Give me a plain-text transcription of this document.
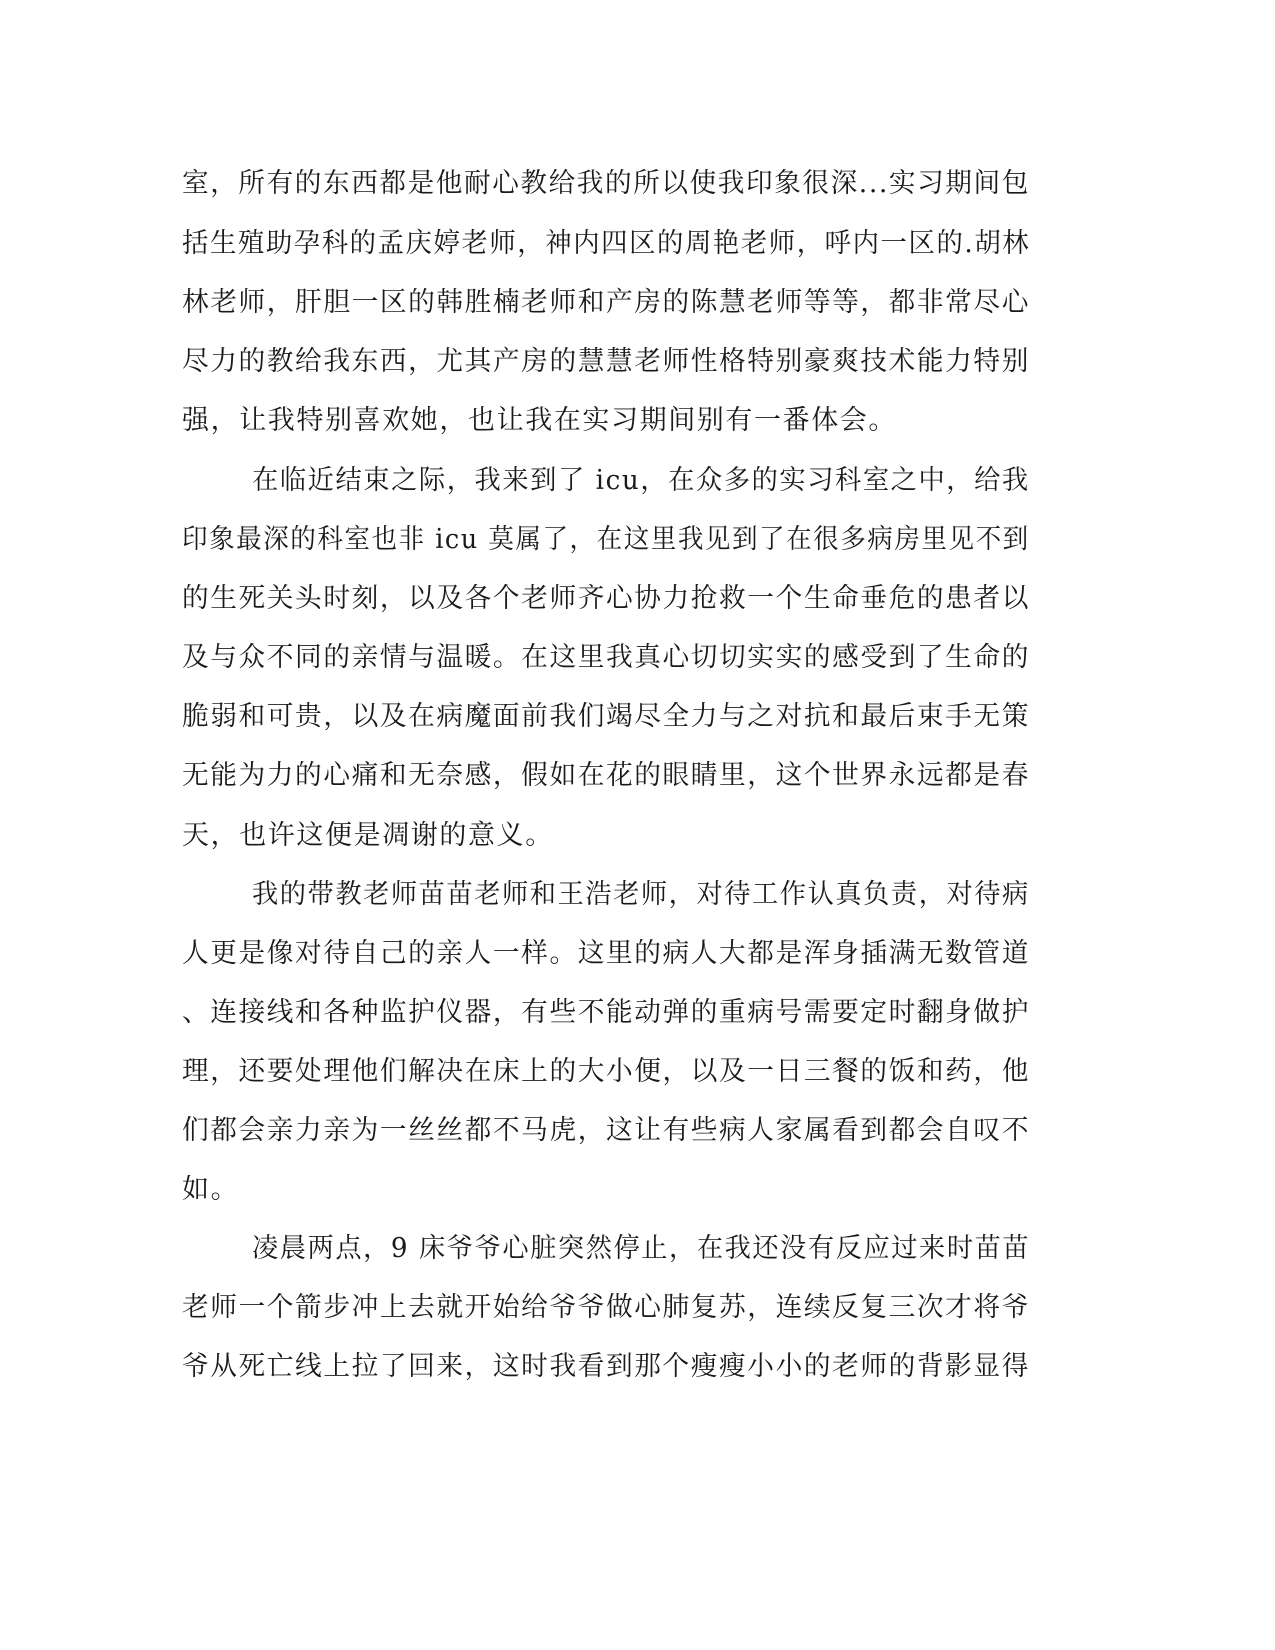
室，所有的东西都是他耐心教给我的所以使我印象很深...实习期间包
括生殖助孕科的孟庆婷老师，神内四区的周艳老师，呼内一区的.胡林
林老师，肝胆一区的韩胜楠老师和产房的陈慧老师等等，都非常尽心
尽力的教给我东西，尤其产房的慧慧老师性格特别豪爽技术能力特别
强，让我特别喜欢她，也让我在实习期间别有一番体会。
在临近结束之际，我来到了 icu，在众多的实习科室之中，给我
印象最深的科室也非 icu 莫属了，在这里我见到了在很多病房里见不到
的生死关头时刻，以及各个老师齐心协力抢救一个生命垂危的患者以
及与众不同的亲情与温暖。在这里我真心切切实实的感受到了生命的
脆弱和可贵，以及在病魔面前我们竭尽全力与之对抗和最后束手无策
无能为力的心痛和无奈感，假如在花的眼睛里，这个世界永远都是春
天，也许这便是凋谢的意义。
我的带教老师苗苗老师和王浩老师，对待工作认真负责，对待病
人更是像对待自己的亲人一样。这里的病人大都是浑身插满无数管道
、连接线和各种监护仪器，有些不能动弹的重病号需要定时翻身做护
理，还要处理他们解决在床上的大小便，以及一日三餐的饭和药，他
们都会亲力亲为一丝丝都不马虎，这让有些病人家属看到都会自叹不
如。
凌晨两点，9 床爷爷心脏突然停止，在我还没有反应过来时苗苗
老师一个箭步冲上去就开始给爷爷做心肺复苏，连续反复三次才将爷
爷从死亡线上拉了回来，这时我看到那个瘦瘦小小的老师的背影显得
